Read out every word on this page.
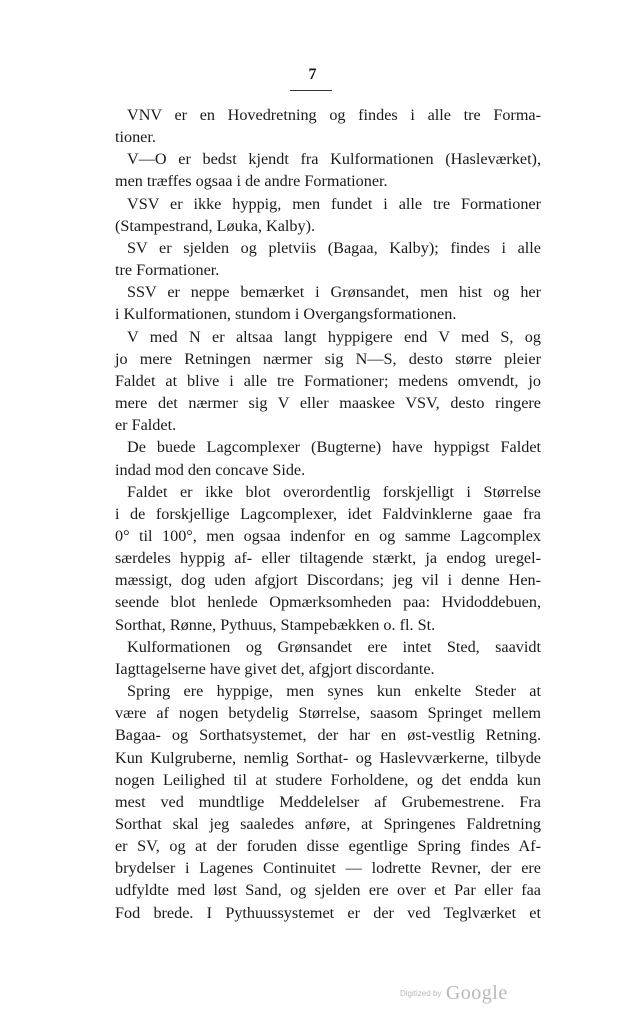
7
VNV er en Hovedretning og findes i alle tre Forma-
tioner.
V—O er bedst kjendt fra Kulformationen (Hasleværket),
men træffes ogsaa i de andre Formationer.
VSV er ikke hyppig, men fundet i alle tre Formationer
(Stampestrand, Løuka, Kalby).
SV er sjelden og pletviis (Bagaa, Kalby); findes i alle
tre Formationer.
SSV er neppe bemærket i Grønsandet, men hist og her
i Kulformationen, stundom i Overgangsformationen.
V med N er altsaa langt hyppigere end V med S, og
jo mere Retningen nærmer sig N—S, desto større pleier
Faldet at blive i alle tre Formationer; medens omvendt, jo
mere det nærmer sig V eller maaskee VSV, desto ringere
er Faldet.
De buede Lagcomplexer (Bugterne) have hyppigst Faldet
indad mod den concave Side.
Faldet er ikke blot overordentlig forskjelligt i Størrelse
i de forskjellige Lagcomplexer, idet Faldvinklerne gaae fra
0° til 100°, men ogsaa indenfor en og samme Lagcomplex
særdeles hyppig af- eller tiltagende stærkt, ja endog uregel-
mæssigt, dog uden afgjort Discordans; jeg vil i denne Hen-
seende blot henlede Opmærksomheden paa: Hvidoddebuen,
Sorthat, Rønne, Pythuus, Stampebækken o. fl. St.
Kulformationen og Grønsandet ere intet Sted, saavidt
Iagttagelserne have givet det, afgjort discordante.
Spring ere hyppige, men synes kun enkelte Steder at
være af nogen betydelig Størrelse, saasom Springet mellem
Bagaa- og Sorthatsystemet, der har en øst-vestlig Retning.
Kun Kulgruberne, nemlig Sorthat- og Haslevværkerne, tilbyde
nogen Leilighed til at studere Forholdene, og det endda kun
mest ved mundtlige Meddelelser af Grubemestrene. Fra
Sorthat skal jeg saaledes anføre, at Springenes Faldretning
er SV, og at der foruden disse egentlige Spring findes Af-
brydelser i Lagenes Continuitet — lodrette Revner, der ere
udfyldte med løst Sand, og sjelden ere over et Par eller faa
Fod brede. I Pythuussystemet er der ved Teglværket et
Digitized by Google
